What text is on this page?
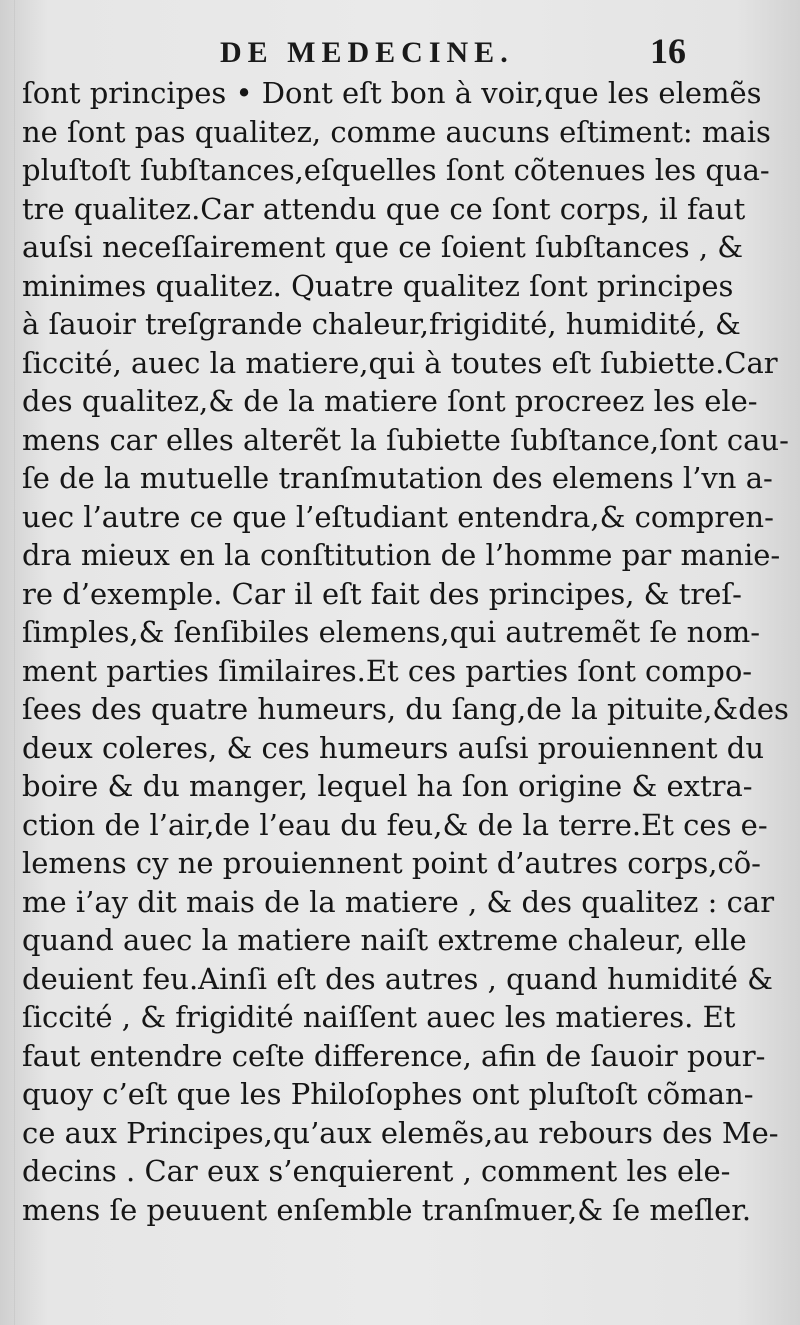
DE MEDECINE.	16
ſont principes • Dont eſt bon à voir,que les elemẽs
ne ſont pas qualitez, comme aucuns eſtiment: mais
pluſtoſt ſubſtances,eſquelles ſont cõtenues les qua-
tre qualitez.Car attendu que ce ſont corps, il faut
auſsi neceſſairement que ce ſoient ſubſtances , &
minimes qualitez. Quatre qualitez ſont principes
à ſauoir treſgrande chaleur,frigidité, humidité, &
ſiccité, auec la matiere,qui à toutes eſt ſubiette.Car
des qualitez,& de la matiere ſont procreez les ele-
mens car elles alterẽt la ſubiette ſubſtance,ſont cau-
ſe de la mutuelle tranſmutation des elemens l’vn a-
uec l’autre ce que l’eſtudiant entendra,& compren-
dra mieux en la conſtitution de l’homme par manie-
re d’exemple. Car il eſt fait des principes, & treſ-
ſimples,& ſenſibiles elemens,qui autremẽt ſe nom-
ment parties ſimilaires.Et ces parties ſont compo-
ſees des quatre humeurs, du ſang,de la pituite,&des
deux coleres, & ces humeurs auſsi prouiennent du
boire & du manger, lequel ha ſon origine & extra-
ction de l’air,de l’eau du feu,& de la terre.Et ces e-
lemens cy ne prouiennent point d’autres corps,cõ-
me i’ay dit mais de la matiere , & des qualitez : car
quand auec la matiere naiſt extreme chaleur, elle
deuient feu.Ainſi eſt des autres , quand humidité &
ſiccité , & frigidité naiſſent auec les matieres. Et
faut entendre ceſte difference, afin de ſauoir pour-
quoy c’eſt que les Philoſophes ont pluſtoſt cõman-
ce aux Principes,qu’aux elemẽs,au rebours des Me-
decins . Car eux s’enquierent , comment les ele-
mens ſe peuuent enſemble tranſmuer,& ſe meſler.
